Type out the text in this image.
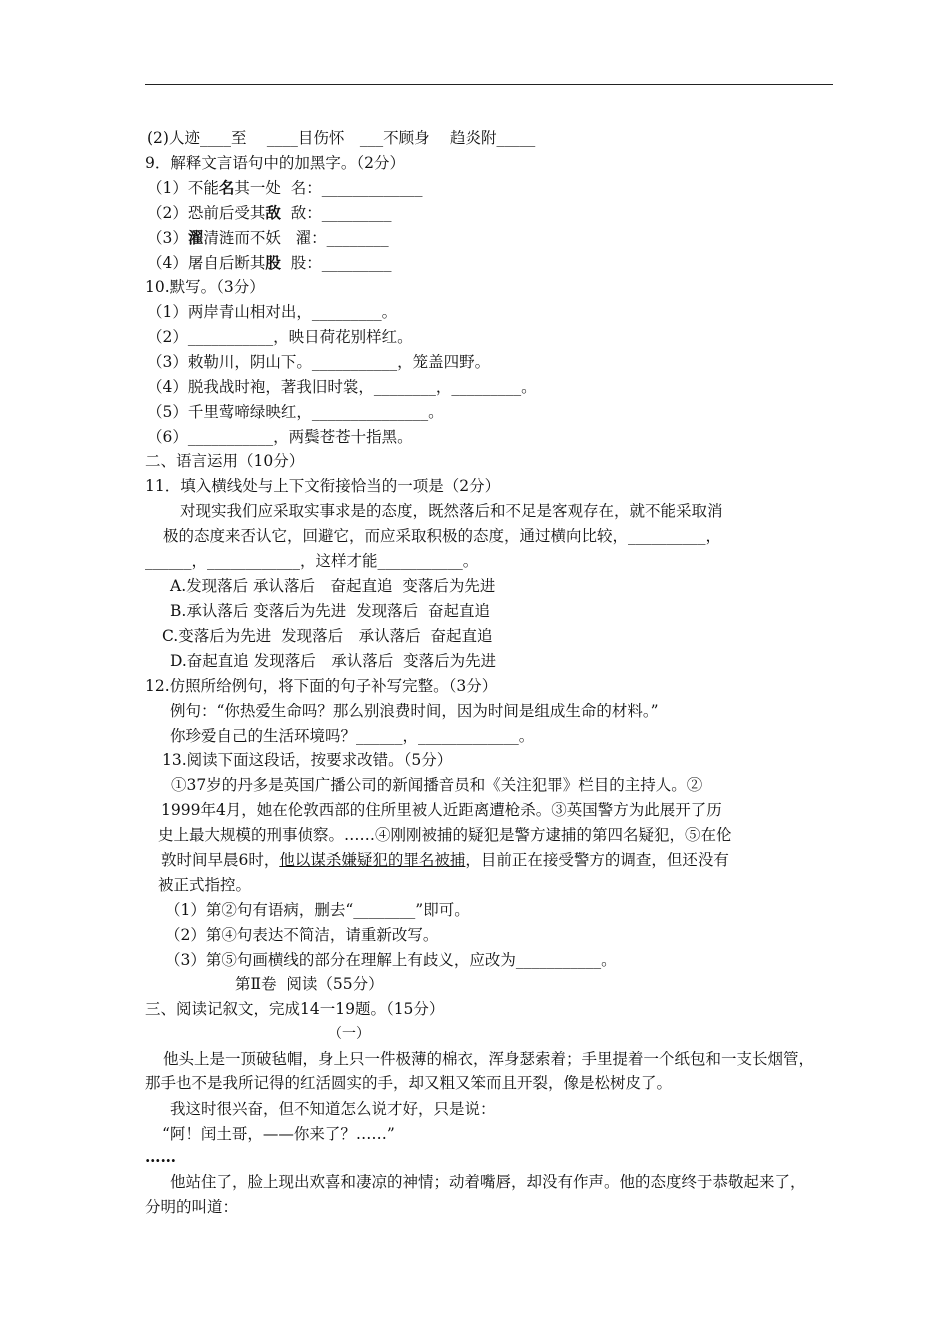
(2)人迹____至　 ____目伤怀　___不顾身　 趋炎附_____
9．解释文言语句中的加黑字。（2分）
（1）不能名其一处  名：_____________
（2）恐前后受其敌  敌：_________
（3）濯清涟而不妖   濯：________
（4）屠自后断其股  股：_________
10.默写。（3分）
（1）两岸青山相对出，_________。
（2）___________，映日荷花别样红。
（3）敕勒川，阴山下。___________，笼盖四野。
（4）脱我战时袍，著我旧时裳，________，_________。
（5）千里莺啼绿映红，_______________。
（6）___________，两鬓苍苍十指黑。
二、语言运用（10分）
11．填入横线处与上下文衔接恰当的一项是（2分）
对现实我们应采取实事求是的态度，既然落后和不足是客观存在，就不能采取消
极的态度来否认它，回避它，而应采取积极的态度，通过横向比较，__________，
______，____________，这样才能___________。
A.发现落后 承认落后　奋起直追  变落后为先进
B.承认落后 变落后为先进  发现落后  奋起直追
C.变落后为先进  发现落后　承认落后  奋起直追
D.奋起直追 发现落后　承认落后  变落后为先进
12.仿照所给例句，将下面的句子补写完整。（3分）
例句：“你热爱生命吗？那么别浪费时间，因为时间是组成生命的材料。”
你珍爱自己的生活环境吗？______，_____________。
13.阅读下面这段话，按要求改错。（5分）
①37岁的丹多是英国广播公司的新闻播音员和《关注犯罪》栏目的主持人。②
1999年4月，她在伦敦西部的住所里被人近距离遭枪杀。③英国警方为此展开了历
史上最大规模的刑事侦察。……④刚刚被捕的疑犯是警方逮捕的第四名疑犯，⑤在伦
敦时间早晨6时，他以谋杀嫌疑犯的罪名被捕，目前正在接受警方的调查，但还没有
被正式指控。
（1）第②句有语病，删去“________”即可。
（2）第④句表达不简洁，请重新改写。
（3）第⑤句画横线的部分在理解上有歧义，应改为___________。
第Ⅱ卷  阅读（55分）
三、阅读记叙文，完成14一19题。（15分）
（一）
他头上是一顶破毡帽，身上只一件极薄的棉衣，浑身瑟索着；手里提着一个纸包和一支长烟管，
那手也不是我所记得的红活圆实的手，却又粗又笨而且开裂，像是松树皮了。
我这时很兴奋，但不知道怎么说才好，只是说：
“阿！闰土哥，——你来了？……”
……
他站住了，脸上现出欢喜和凄凉的神情；动着嘴唇，却没有作声。他的态度终于恭敬起来了，
分明的叫道：
